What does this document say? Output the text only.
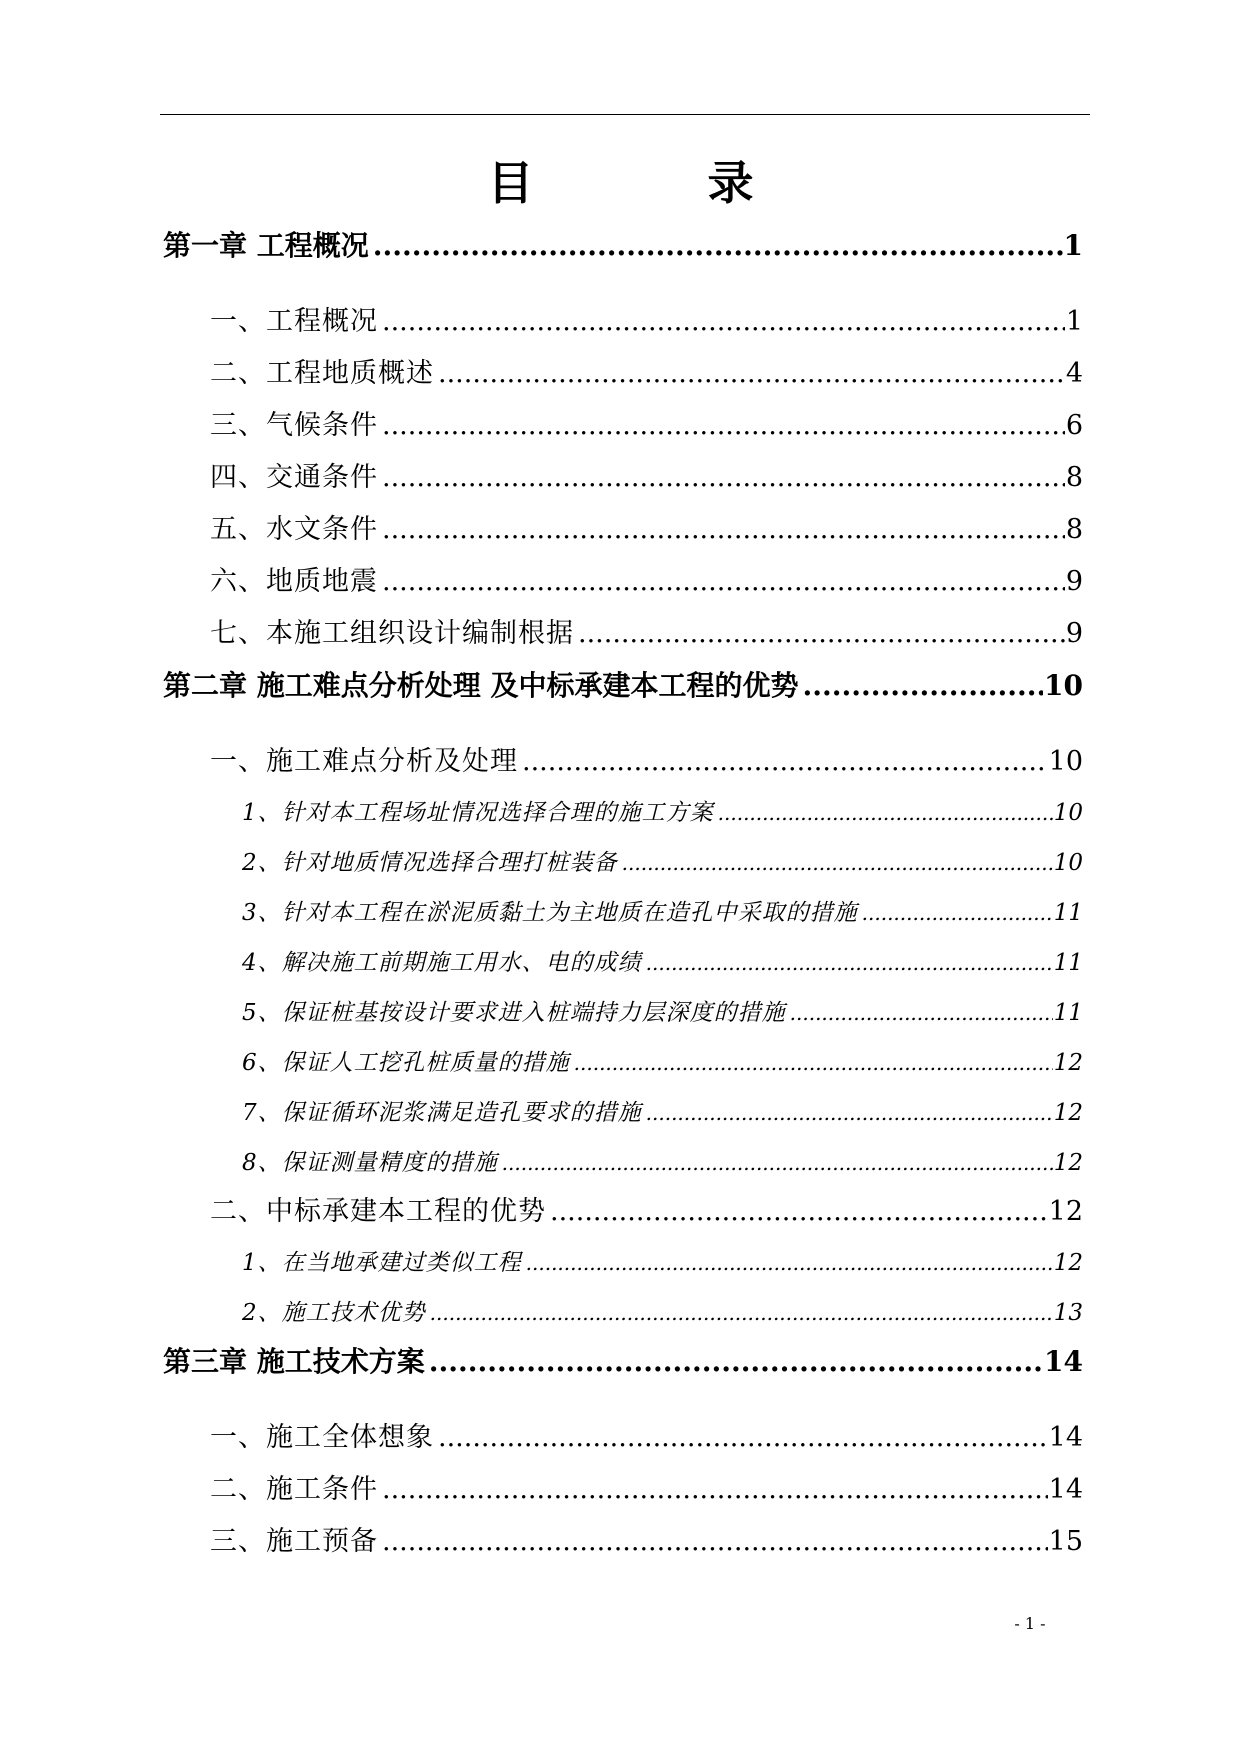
目　录
第一章 工程概况 .....	1
一、工程概况 .....	1
二、工程地质概述 .....	4
三、气候条件 .....	6
四、交通条件 .....	8
五、水文条件 .....	8
六、地质地震 .....	9
七、本施工组织设计编制根据 .....	9
第二章 施工难点分析处理 及中标承建本工程的优势 .....	10
一、施工难点分析及处理 .....	10
1、针对本工程场址情况选择合理的施工方案 .....	10
2、针对地质情况选择合理打桩装备 .....	10
3、针对本工程在淤泥质黏土为主地质在造孔中采取的措施 .....	11
4、解决施工前期施工用水、电的成绩 .....	11
5、保证桩基按设计要求进入桩端持力层深度的措施 .....	11
6、保证人工挖孔桩质量的措施 .....	12
7、保证循环泥浆满足造孔要求的措施 .....	12
8、保证测量精度的措施 .....	12
二、中标承建本工程的优势 .....	12
1、在当地承建过类似工程 .....	12
2、施工技术优势 .....	13
第三章 施工技术方案 .....	14
一、施工全体想象 .....	14
二、施工条件 .....	14
三、施工预备 .....	15
- 1 -
